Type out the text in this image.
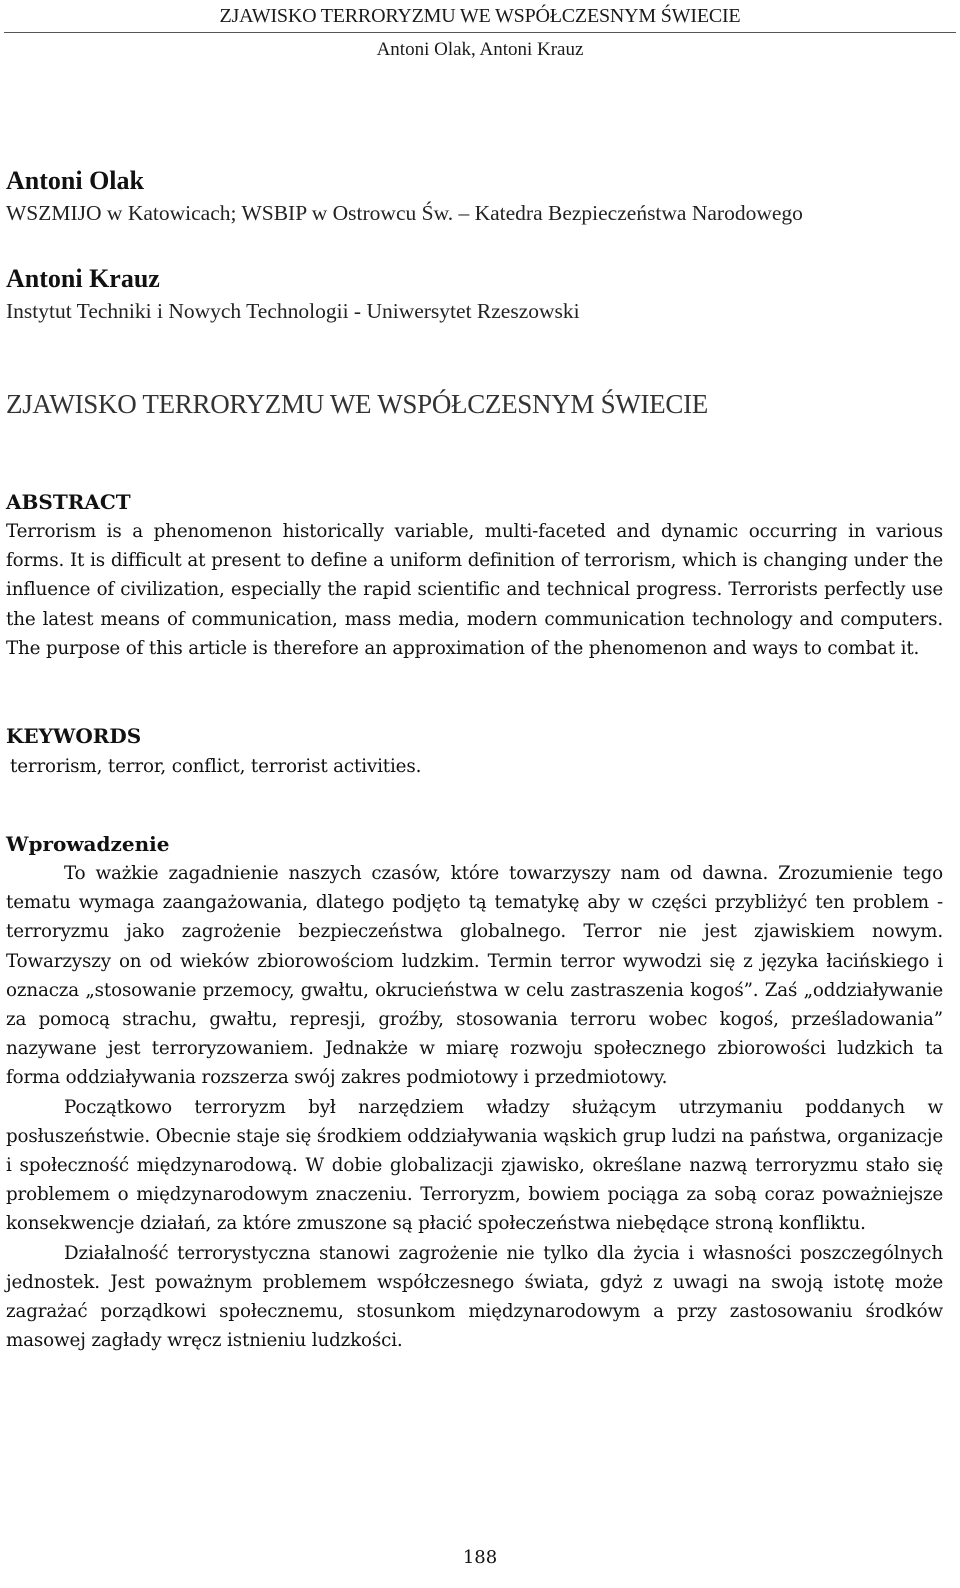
ZJAWISKO TERRORYZMU WE WSPÓŁCZESNYM ŚWIECIE
Antoni Olak, Antoni Krauz
Antoni Olak
WSZMIJO w Katowicach; WSBIP w Ostrowcu Św. – Katedra Bezpieczeństwa Narodowego
Antoni Krauz
Instytut Techniki i Nowych Technologii - Uniwersytet Rzeszowski
ZJAWISKO TERRORYZMU WE WSPÓŁCZESNYM ŚWIECIE
ABSTRACT
Terrorism is a phenomenon historically variable, multi-faceted and dynamic occurring in various forms. It is difficult at present to define a uniform definition of terrorism, which is changing under the influence of civilization, especially the rapid scientific and technical progress. Terrorists perfectly use the latest means of communication, mass media, modern communication technology and computers. The purpose of this article is therefore an approximation of the phenomenon and ways to combat it.
KEYWORDS
terrorism, terror, conflict, terrorist activities.
Wprowadzenie

To ważkie zagadnienie naszych czasów, które towarzyszy nam od dawna. Zrozumienie tego tematu wymaga zaangażowania, dlatego podjęto tą tematykę aby w części przybliżyć ten problem - terroryzmu jako zagrożenie bezpieczeństwa globalnego. Terror nie jest zjawiskiem nowym. Towarzyszy on od wieków zbiorowościom ludzkim. Termin terror wywodzi się z języka łacińskiego i oznacza „stosowanie przemocy, gwałtu, okrucieństwa w celu zastraszenia kogoś”. Zaś „oddziaływanie za pomocą strachu, gwałtu, represji, groźby, stosowania terroru wobec kogoś, prześladowania” nazywane jest terroryzowaniem. Jednakże w miarę rozwoju społecznego zbiorowości ludzkich ta forma oddziaływania rozszerza swój zakres podmiotowy i przedmiotowy.

Początkowo terroryzm był narzędziem władzy służącym utrzymaniu poddanych w posłuszeństwie. Obecnie staje się środkiem oddziaływania wąskich grup ludzi na państwa, organizacje i społeczność międzynarodową. W dobie globalizacji zjawisko, określane nazwą terroryzmu stało się problemem o międzynarodowym znaczeniu. Terroryzm, bowiem pociąga za sobą coraz poważniejsze konsekwencje działań, za które zmuszone są płacić społeczeństwa niebędące stroną konfliktu.

Działalność terrorystyczna stanowi zagrożenie nie tylko dla życia i własności poszczególnych jednostek. Jest poważnym problemem współczesnego świata, gdyż z uwagi na swoją istotę może zagrażać porządkowi społecznemu, stosunkom międzynarodowym a przy zastosowaniu środków masowej zagłady wręcz istnieniu ludzkości.

188
